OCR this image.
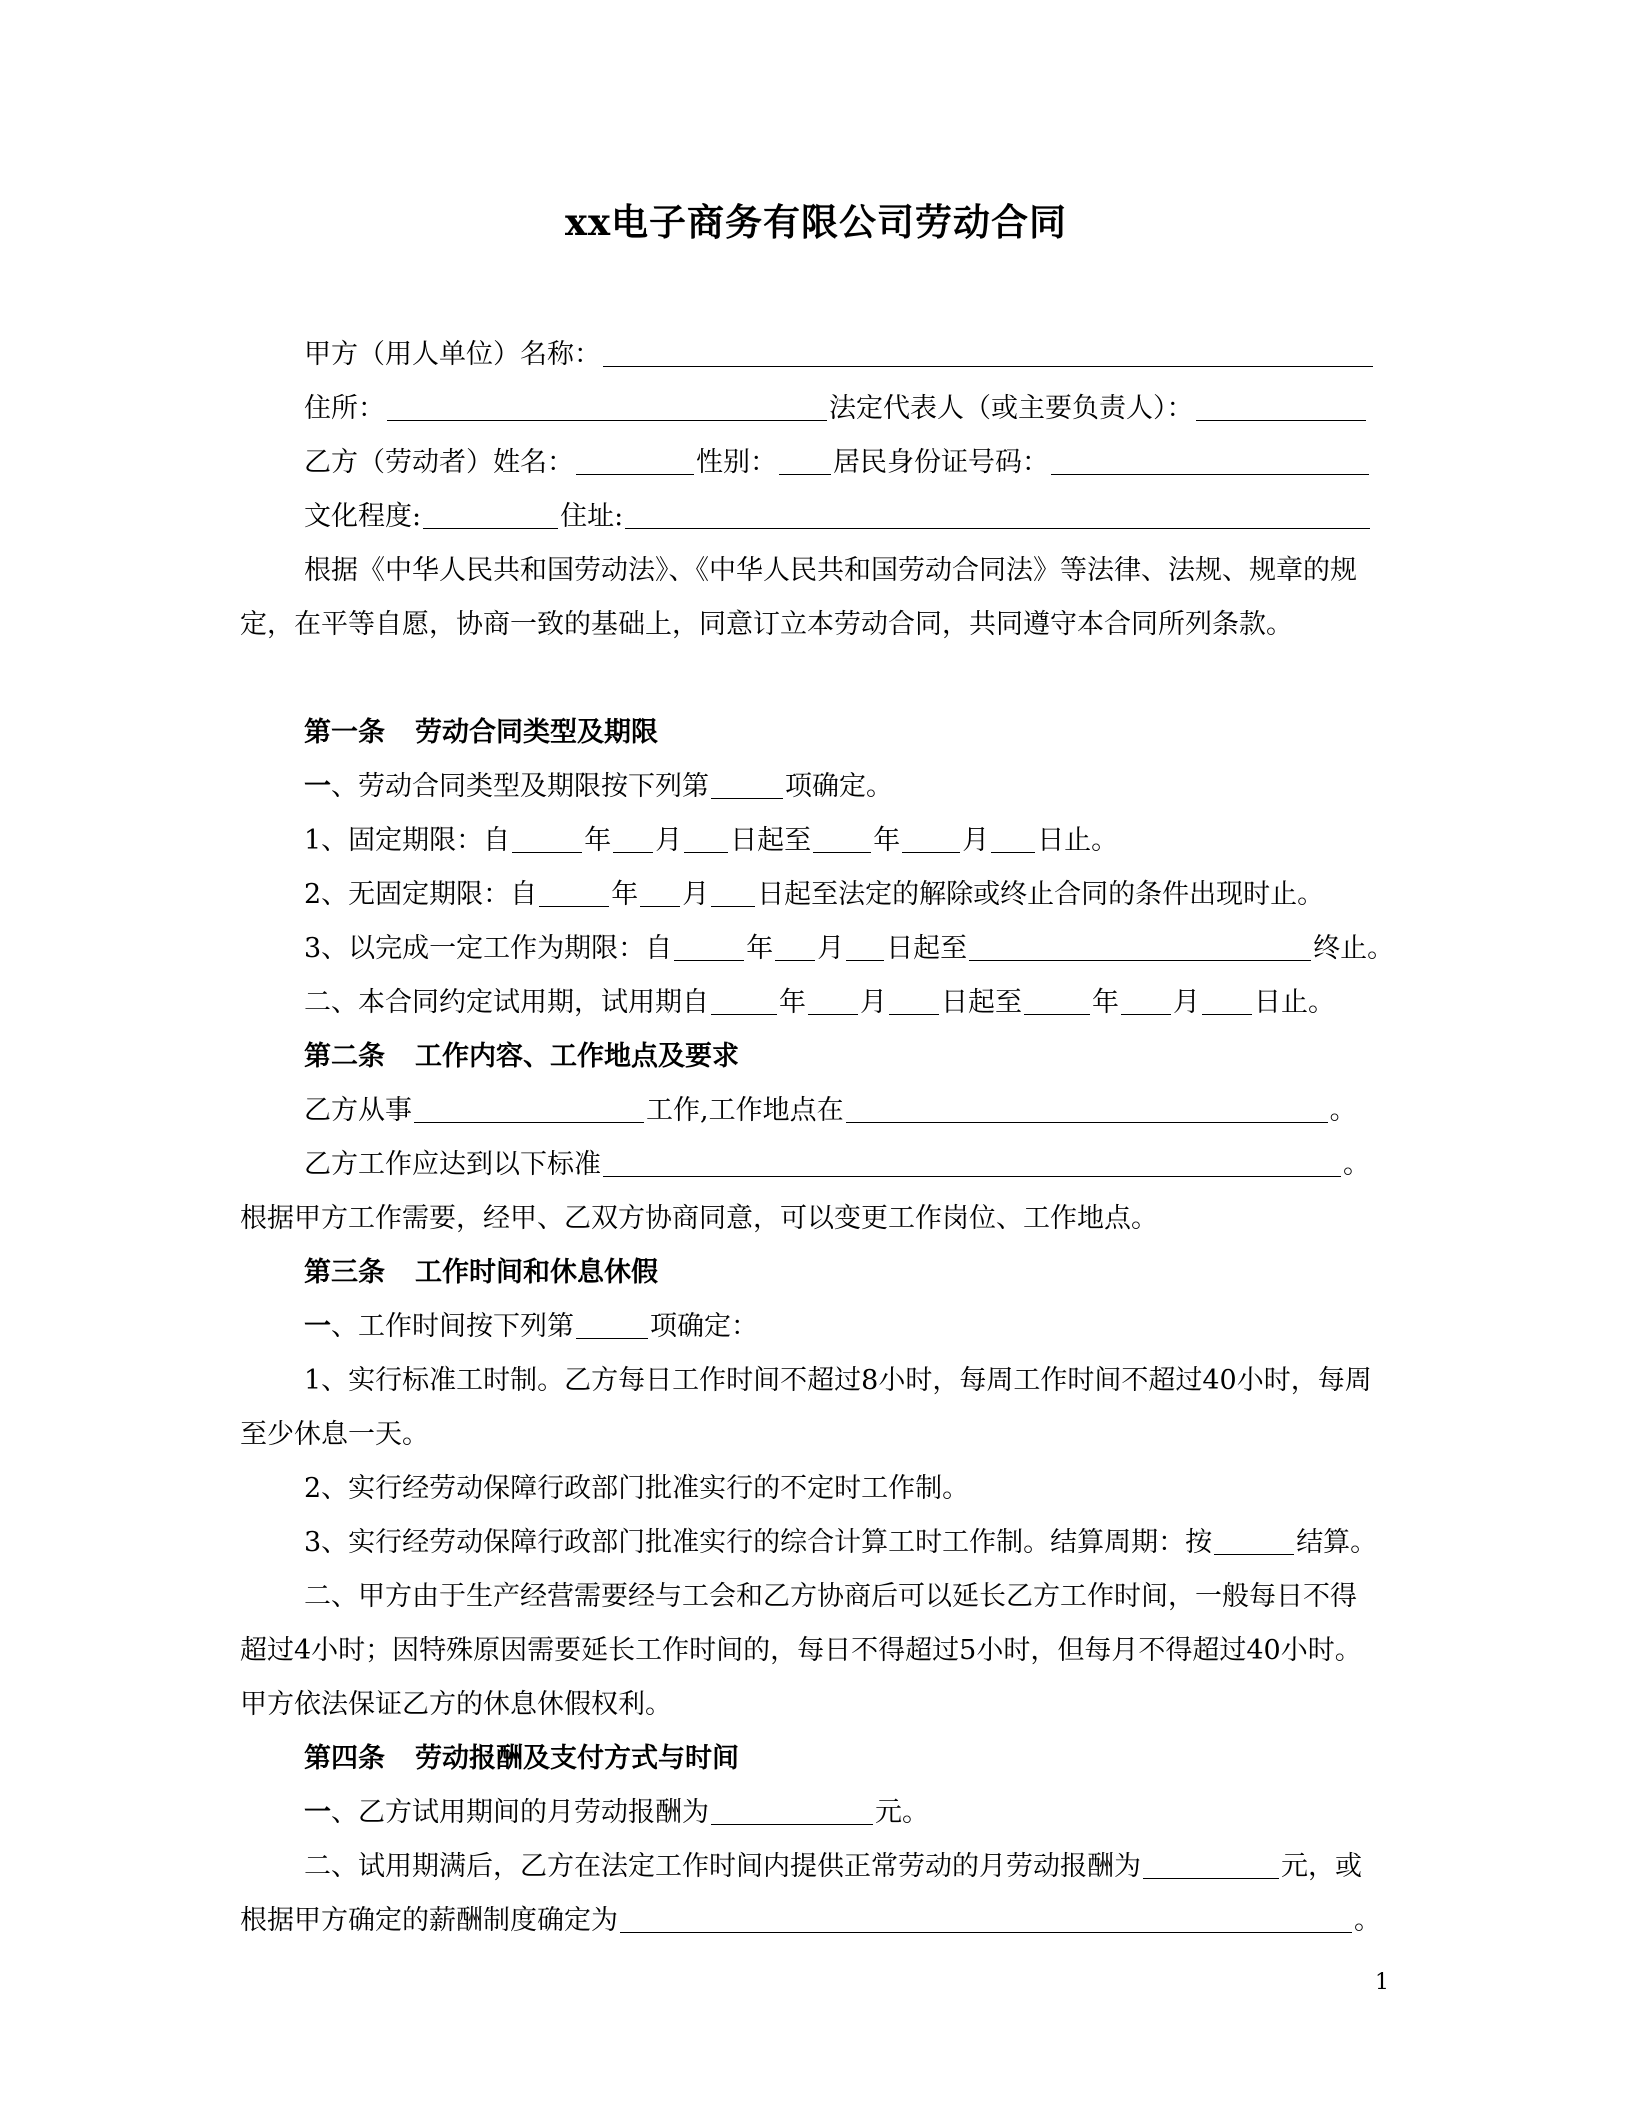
xx电子商务有限公司劳动合同
甲方（用人单位）名称：
住所：	法定代表人（或主要负责人）：
乙方（劳动者）姓名：	性别： 居民身份证号码：
文化程度:	住址:
根据《中华人民共和国劳动法》、《中华人民共和国劳动合同法》等法律、法规、规章的规
定，在平等自愿，协商一致的基础上，同意订立本劳动合同，共同遵守本合同所列条款。
第一条 劳动合同类型及期限
一、劳动合同类型及期限按下列第	项确定。
1、固定期限：自	年 月 日起至 年 月 日止。
2、无固定期限：自	年 月 日起至法定的解除或终止合同的条件出现时止。
3、以完成一定工作为期限：自	年 月 日起至	终止。
二、本合同约定试用期，试用期自	年 月 日起至	年 月 日止。
第二条 工作内容、工作地点及要求
乙方从事	工作,工作地点在	。
乙方工作应达到以下标准	。
根据甲方工作需要，经甲、乙双方协商同意，可以变更工作岗位、工作地点。
第三条 工作时间和休息休假
一、工作时间按下列第	项确定：
1、实行标准工时制。乙方每日工作时间不超过8小时，每周工作时间不超过40小时，每周
至少休息一天。
2、实行经劳动保障行政部门批准实行的不定时工作制。
3、实行经劳动保障行政部门批准实行的综合计算工时工作制。结算周期：按	结算。
二、甲方由于生产经营需要经与工会和乙方协商后可以延长乙方工作时间，一般每日不得
超过4小时；因特殊原因需要延长工作时间的，每日不得超过5小时，但每月不得超过40小时。
甲方依法保证乙方的休息休假权利。
第四条 劳动报酬及支付方式与时间
一、乙方试用期间的月劳动报酬为	元。
二、试用期满后，乙方在法定工作时间内提供正常劳动的月劳动报酬为	元，或
根据甲方确定的薪酬制度确定为	。
1
